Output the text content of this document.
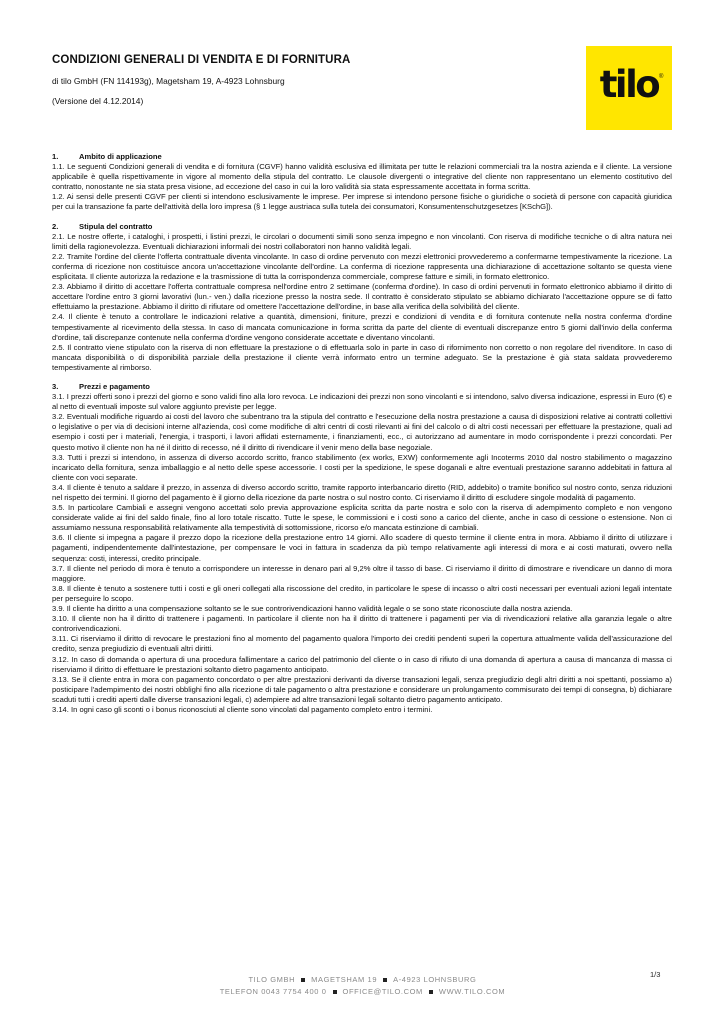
CONDIZIONI GENERALI DI VENDITA E DI FORNITURA

di tilo GmbH (FN 114193g), Magetsham 19, A-4923 Lohnsburg

(Versione del 4.12.2014)	tilo ®

1.	Ambito di applicazione

1.1. Le seguenti Condizioni generali di vendita e di fornitura (CGVF) hanno validità esclusiva ed illimitata per tutte le relazioni commerciali tra la nostra azienda e il cliente. La versione applicabile è quella rispettivamente in vigore al momento della stipula del contratto. Le clausole divergenti o integrative del cliente non rappresentano un elemento costitutivo del contratto, nonostante ne sia stata presa visione, ad eccezione del caso in cui la loro validità sia stata espressamente accettata in forma scritta.

1.2. Ai sensi delle presenti CGVF per clienti si intendono esclusivamente le imprese. Per imprese si intendono persone fisiche o giuridiche o società di persone con capacità giuridica per cui la transazione fa parte dell'attività della loro impresa (§ 1 legge austriaca sulla tutela dei consumatori, Konsumentenschutzgesetzes [KSchG]).

2.	Stipula del contratto

2.1. Le nostre offerte, i cataloghi, i prospetti, i listini prezzi, le circolari o documenti simili sono senza impegno e non vincolanti. Con riserva di modifiche tecniche o di altra natura nei limiti della ragionevolezza. Eventuali dichiarazioni informali dei nostri collaboratori non hanno validità legali.

2.2. Tramite l'ordine del cliente l'offerta contrattuale diventa vincolante. In caso di ordine pervenuto con mezzi elettronici provvederemo a confermarne tempestivamente la ricezione. La conferma di ricezione non costituisce ancora un'accettazione vincolante dell'ordine. La conferma di ricezione rappresenta una dichiarazione di accettazione soltanto se questa viene esplicitata. Il cliente autorizza la redazione e la trasmissione di tutta la corrispondenza commerciale, comprese fatture e simili, in formato elettronico.

2.3. Abbiamo il diritto di accettare l'offerta contrattuale compresa nell'ordine entro 2 settimane (conferma d'ordine). In caso di ordini pervenuti in formato elettronico abbiamo il diritto di accettare l'ordine entro 3 giorni lavorativi (lun.- ven.) dalla ricezione presso la nostra sede. Il contratto è considerato stipulato se abbiamo dichiarato l'accettazione oppure se di fatto effettuiamo la prestazione. Abbiamo il diritto di rifiutare od omettere l'accettazione dell'ordine, in base alla verifica della solvibilità del cliente.

2.4. Il cliente è tenuto a controllare le indicazioni relative a quantità, dimensioni, finiture, prezzi e condizioni di vendita e di fornitura contenute nella nostra conferma d'ordine tempestivamente al ricevimento della stessa. In caso di mancata comunicazione in forma scritta da parte del cliente di eventuali discrepanze entro 5 giorni dall'invio della conferma d'ordine, tali discrepanze contenute nella conferma d'ordine vengono considerate accettate e diventano vincolanti.

2.5. Il contratto viene stipulato con la riserva di non effettuare la prestazione o di effettuarla solo in parte in caso di rifornimento non corretto o non regolare del rivenditore. In caso di mancata disponibilità o di disponibilità parziale della prestazione il cliente verrà informato entro un termine adeguato. Se la prestazione è già stata saldata provvederemo tempestivamente al rimborso.

3.	Prezzi e pagamento

3.1. I prezzi offerti sono i prezzi del giorno e sono validi fino alla loro revoca. Le indicazioni dei prezzi non sono vincolanti e si intendono, salvo diversa indicazione, espressi in Euro (€) e al netto di eventuali imposte sul valore aggiunto previste per legge.

3.2. Eventuali modifiche riguardo ai costi del lavoro che subentrano tra la stipula del contratto e l'esecuzione della nostra prestazione a causa di disposizioni relative ai contratti collettivi o legislative o per via di decisioni interne all'azienda, così come modifiche di altri centri di costi rilevanti ai fini del calcolo o di altri costi necessari per effettuare la prestazione, quali ad esempio i costi per i materiali, l'energia, i trasporti, i lavori affidati esternamente, i finanziamenti, ecc., ci autorizzano ad aumentare in modo corrispondente i prezzi concordati. Per questo motivo il cliente non ha né il diritto di recesso, né il diritto di rivendicare il venir meno della base negoziale.

3.3. Tutti i prezzi si intendono, in assenza di diverso accordo scritto, franco stabilimento (ex works, EXW) conformemente agli Incoterms 2010 dal nostro stabilimento o magazzino incaricato della fornitura, senza imballaggio e al netto delle spese accessorie. I costi per la spedizione, le spese doganali e altre eventuali prestazione saranno addebitati in fattura al cliente con voci separate.

3.4. Il cliente è tenuto a saldare il prezzo, in assenza di diverso accordo scritto, tramite rapporto interbancario diretto (RID, addebito) o tramite bonifico sul nostro conto, senza riduzioni nel rispetto dei termini. Il giorno del pagamento è il giorno della ricezione da parte nostra o sul nostro conto. Ci riserviamo il diritto di escludere singole modalità di pagamento.

3.5. In particolare Cambiali e assegni vengono accettati solo previa approvazione esplicita scritta da parte nostra e solo con la riserva di adempimento completo e non vengono considerate valide ai fini del saldo finale, fino al loro totale riscatto. Tutte le spese, le commissioni e i costi sono a carico del cliente, anche in caso di cessione o estensione. Non ci assumiamo nessuna responsabilità relativamente alla tempestività di sottomissione, ricorso e/o mancata estinzione di cambiali.

3.6. Il cliente si impegna a pagare il prezzo dopo la ricezione della prestazione entro 14 giorni. Allo scadere di questo termine il cliente entra in mora. Abbiamo il diritto di utilizzare i pagamenti, indipendentemente dall'intestazione, per compensare le voci in fattura in scadenza da più tempo relativamente agli interessi di mora e ai costi maturati, ovvero nella sequenza: costi, interessi, credito principale.

3.7. Il cliente nel periodo di mora è tenuto a corrispondere un interesse in denaro pari al 9,2% oltre il tasso di base. Ci riserviamo il diritto di dimostrare e rivendicare un danno di mora maggiore.

3.8. Il cliente è tenuto a sostenere tutti i costi e gli oneri collegati alla riscossione del credito, in particolare le spese di incasso o altri costi necessari per eventuali azioni legali intentate per perseguire lo scopo.

3.9. Il cliente ha diritto a una compensazione soltanto se le sue controrivendicazioni hanno validità legale o se sono state riconosciute dalla nostra azienda.

3.10. Il cliente non ha il diritto di trattenere i pagamenti. In particolare il cliente non ha il diritto di trattenere i pagamenti per via di rivendicazioni relative alla garanzia legale o altre controrivendicazioni.

3.11. Ci riserviamo il diritto di revocare le prestazioni fino al momento del pagamento qualora l'importo dei crediti pendenti superi la copertura attualmente valida dell'assicurazione del credito, senza pregiudizio di eventuali altri diritti.

3.12. In caso di domanda o apertura di una procedura fallimentare a carico del patrimonio del cliente o in caso di rifiuto di una domanda di apertura a causa di mancanza di massa ci riserviamo il diritto di effettuare le prestazioni soltanto dietro pagamento anticipato.

3.13. Se il cliente entra in mora con pagamento concordato o per altre prestazioni derivanti da diverse transazioni legali, senza pregiudizio degli altri diritti a noi spettanti, possiamo a) posticipare l'adempimento dei nostri obblighi fino alla ricezione di tale pagamento o altra prestazione e considerare un prolungamento commisurato dei tempi di consegna, b) dichiarare scaduti tutti i crediti aperti dalle diverse transazioni legali, c) adempiere ad altre transazioni legali soltanto dietro pagamento anticipato.

3.14. In ogni caso gli sconti o i bonus riconosciuti al cliente sono vincolati dal pagamento completo entro i termini.

1/3
TILO GMBH MAGETSHAM 19 A-4923 LOHNSBURG
TELEFON 0043 7754 400 0 OFFICE@TILO.COM WWW.TILO.COM
